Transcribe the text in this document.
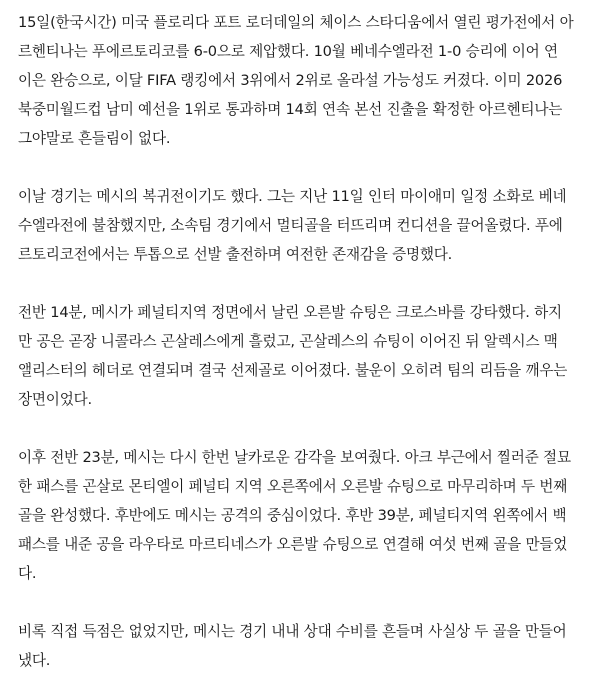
15일(한국시간) 미국 플로리다 포트 로더데일의 체이스 스타디움에서 열린 평가전에서 아
르헨티나는 푸에르토리코를 6-0으로 제압했다. 10월 베네수엘라전 1-0 승리에 이어 연
이은 완승으로, 이달 FIFA 랭킹에서 3위에서 2위로 올라설 가능성도 커졌다. 이미 2026
북중미월드컵 남미 예선을 1위로 통과하며 14회 연속 본선 진출을 확정한 아르헨티나는
그야말로 흔들림이 없다.

이날 경기는 메시의 복귀전이기도 했다. 그는 지난 11일 인터 마이애미 일정 소화로 베네
수엘라전에 불참했지만, 소속팀 경기에서 멀티골을 터뜨리며 컨디션을 끌어올렸다. 푸에
르토리코전에서는 투톱으로 선발 출전하며 여전한 존재감을 증명했다.

전반 14분, 메시가 페널티지역 정면에서 날린 오른발 슈팅은 크로스바를 강타했다. 하지
만 공은 곧장 니콜라스 곤살레스에게 흘렀고, 곤살레스의 슈팅이 이어진 뒤 알렉시스 맥
앨리스터의 헤더로 연결되며 결국 선제골로 이어졌다. 불운이 오히려 팀의 리듬을 깨우는
장면이었다.

이후 전반 23분, 메시는 다시 한번 날카로운 감각을 보여줬다. 아크 부근에서 찔러준 절묘
한 패스를 곤살로 몬티엘이 페널티 지역 오른쪽에서 오른발 슈팅으로 마무리하며 두 번째
골을 완성했다. 후반에도 메시는 공격의 중심이었다. 후반 39분, 페널티지역 왼쪽에서 백
패스를 내준 공을 라우타로 마르티네스가 오른발 슈팅으로 연결해 여섯 번째 골을 만들었
다.

비록 직접 득점은 없었지만, 메시는 경기 내내 상대 수비를 흔들며 사실상 두 골을 만들어
냈다.
